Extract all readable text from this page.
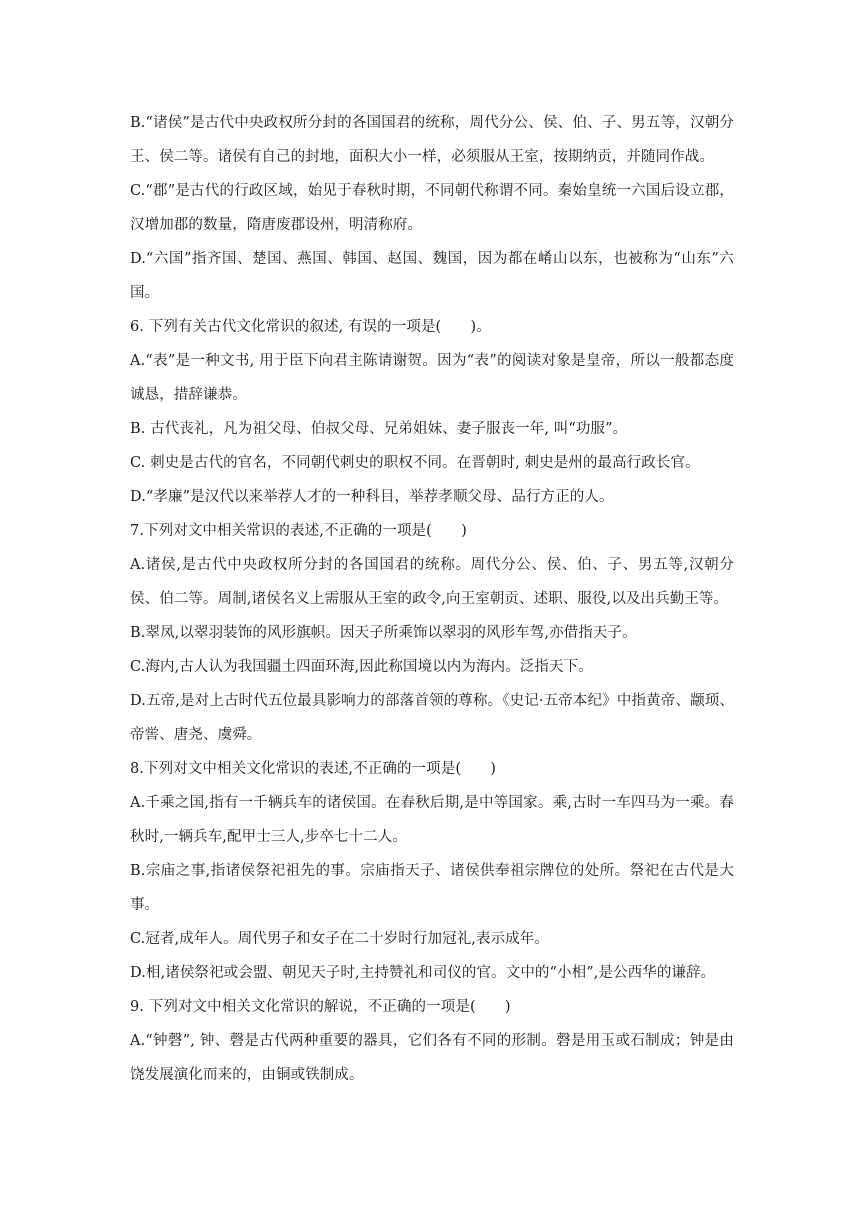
B.“诸侯”是古代中央政权所分封的各国国君的统称，周代分公、侯、伯、子、男五等，汉朝分王、侯二等。诸侯有自己的封地，面积大小一样，必须服从王室，按期纳贡，并随同作战。

C.“郡”是古代的行政区域，始见于春秋时期，不同朝代称谓不同。秦始皇统一六国后设立郡，汉增加郡的数量，隋唐废郡设州，明清称府。

D.“六国”指齐国、楚国、燕国、韩国、赵国、魏国，因为都在崤山以东，也被称为“山东”六国。

6. 下列有关古代文化常识的叙述, 有误的一项是(　　)。

A.“表”是一种文书, 用于臣下向君主陈请谢贺。因为“表”的阅读对象是皇帝，所以一般都态度诚恳，措辞谦恭。

B. 古代丧礼，凡为祖父母、伯叔父母、兄弟姐妹、妻子服丧一年, 叫“功服”。

C. 刺史是古代的官名，不同朝代刺史的职权不同。在晋朝时, 刺史是州的最高行政长官。

D.“孝廉”是汉代以来举荐人才的一种科目，举荐孝顺父母、品行方正的人。

7.下列对文中相关常识的表述,不正确的一项是(　　)

A.诸侯,是古代中央政权所分封的各国国君的统称。周代分公、侯、伯、子、男五等,汉朝分侯、伯二等。周制,诸侯名义上需服从王室的政令,向王室朝贡、述职、服役,以及出兵勤王等。

B.翠凤,以翠羽装饰的风形旗帜。因天子所乘饰以翠羽的风形车驾,亦借指天子。

C.海内,古人认为我国疆土四面环海,因此称国境以内为海内。泛指天下。

D.五帝,是对上古时代五位最具影响力的部落首领的尊称。《史记·五帝本纪》中指黄帝、颛顼、帝喾、唐尧、虞舜。

8.下列对文中相关文化常识的表述,不正确的一项是(　　)

A.千乘之国,指有一千辆兵车的诸侯国。在春秋后期,是中等国家。乘,古时一车四马为一乘。春秋时,一辆兵车,配甲士三人,步卒七十二人。

B.宗庙之事,指诸侯祭祀祖先的事。宗庙指天子、诸侯供奉祖宗牌位的处所。祭祀在古代是大事。

C.冠者,成年人。周代男子和女子在二十岁时行加冠礼,表示成年。

D.相,诸侯祭祀或会盟、朝见天子时,主持赞礼和司仪的官。文中的“小相”,是公西华的谦辞。

9. 下列对文中相关文化常识的解说，不正确的一项是(　　)

A.“钟磬”, 钟、磬是古代两种重要的器具，它们各有不同的形制。磬是用玉或石制成；钟是由饶发展演化而来的，由铜或铁制成。
